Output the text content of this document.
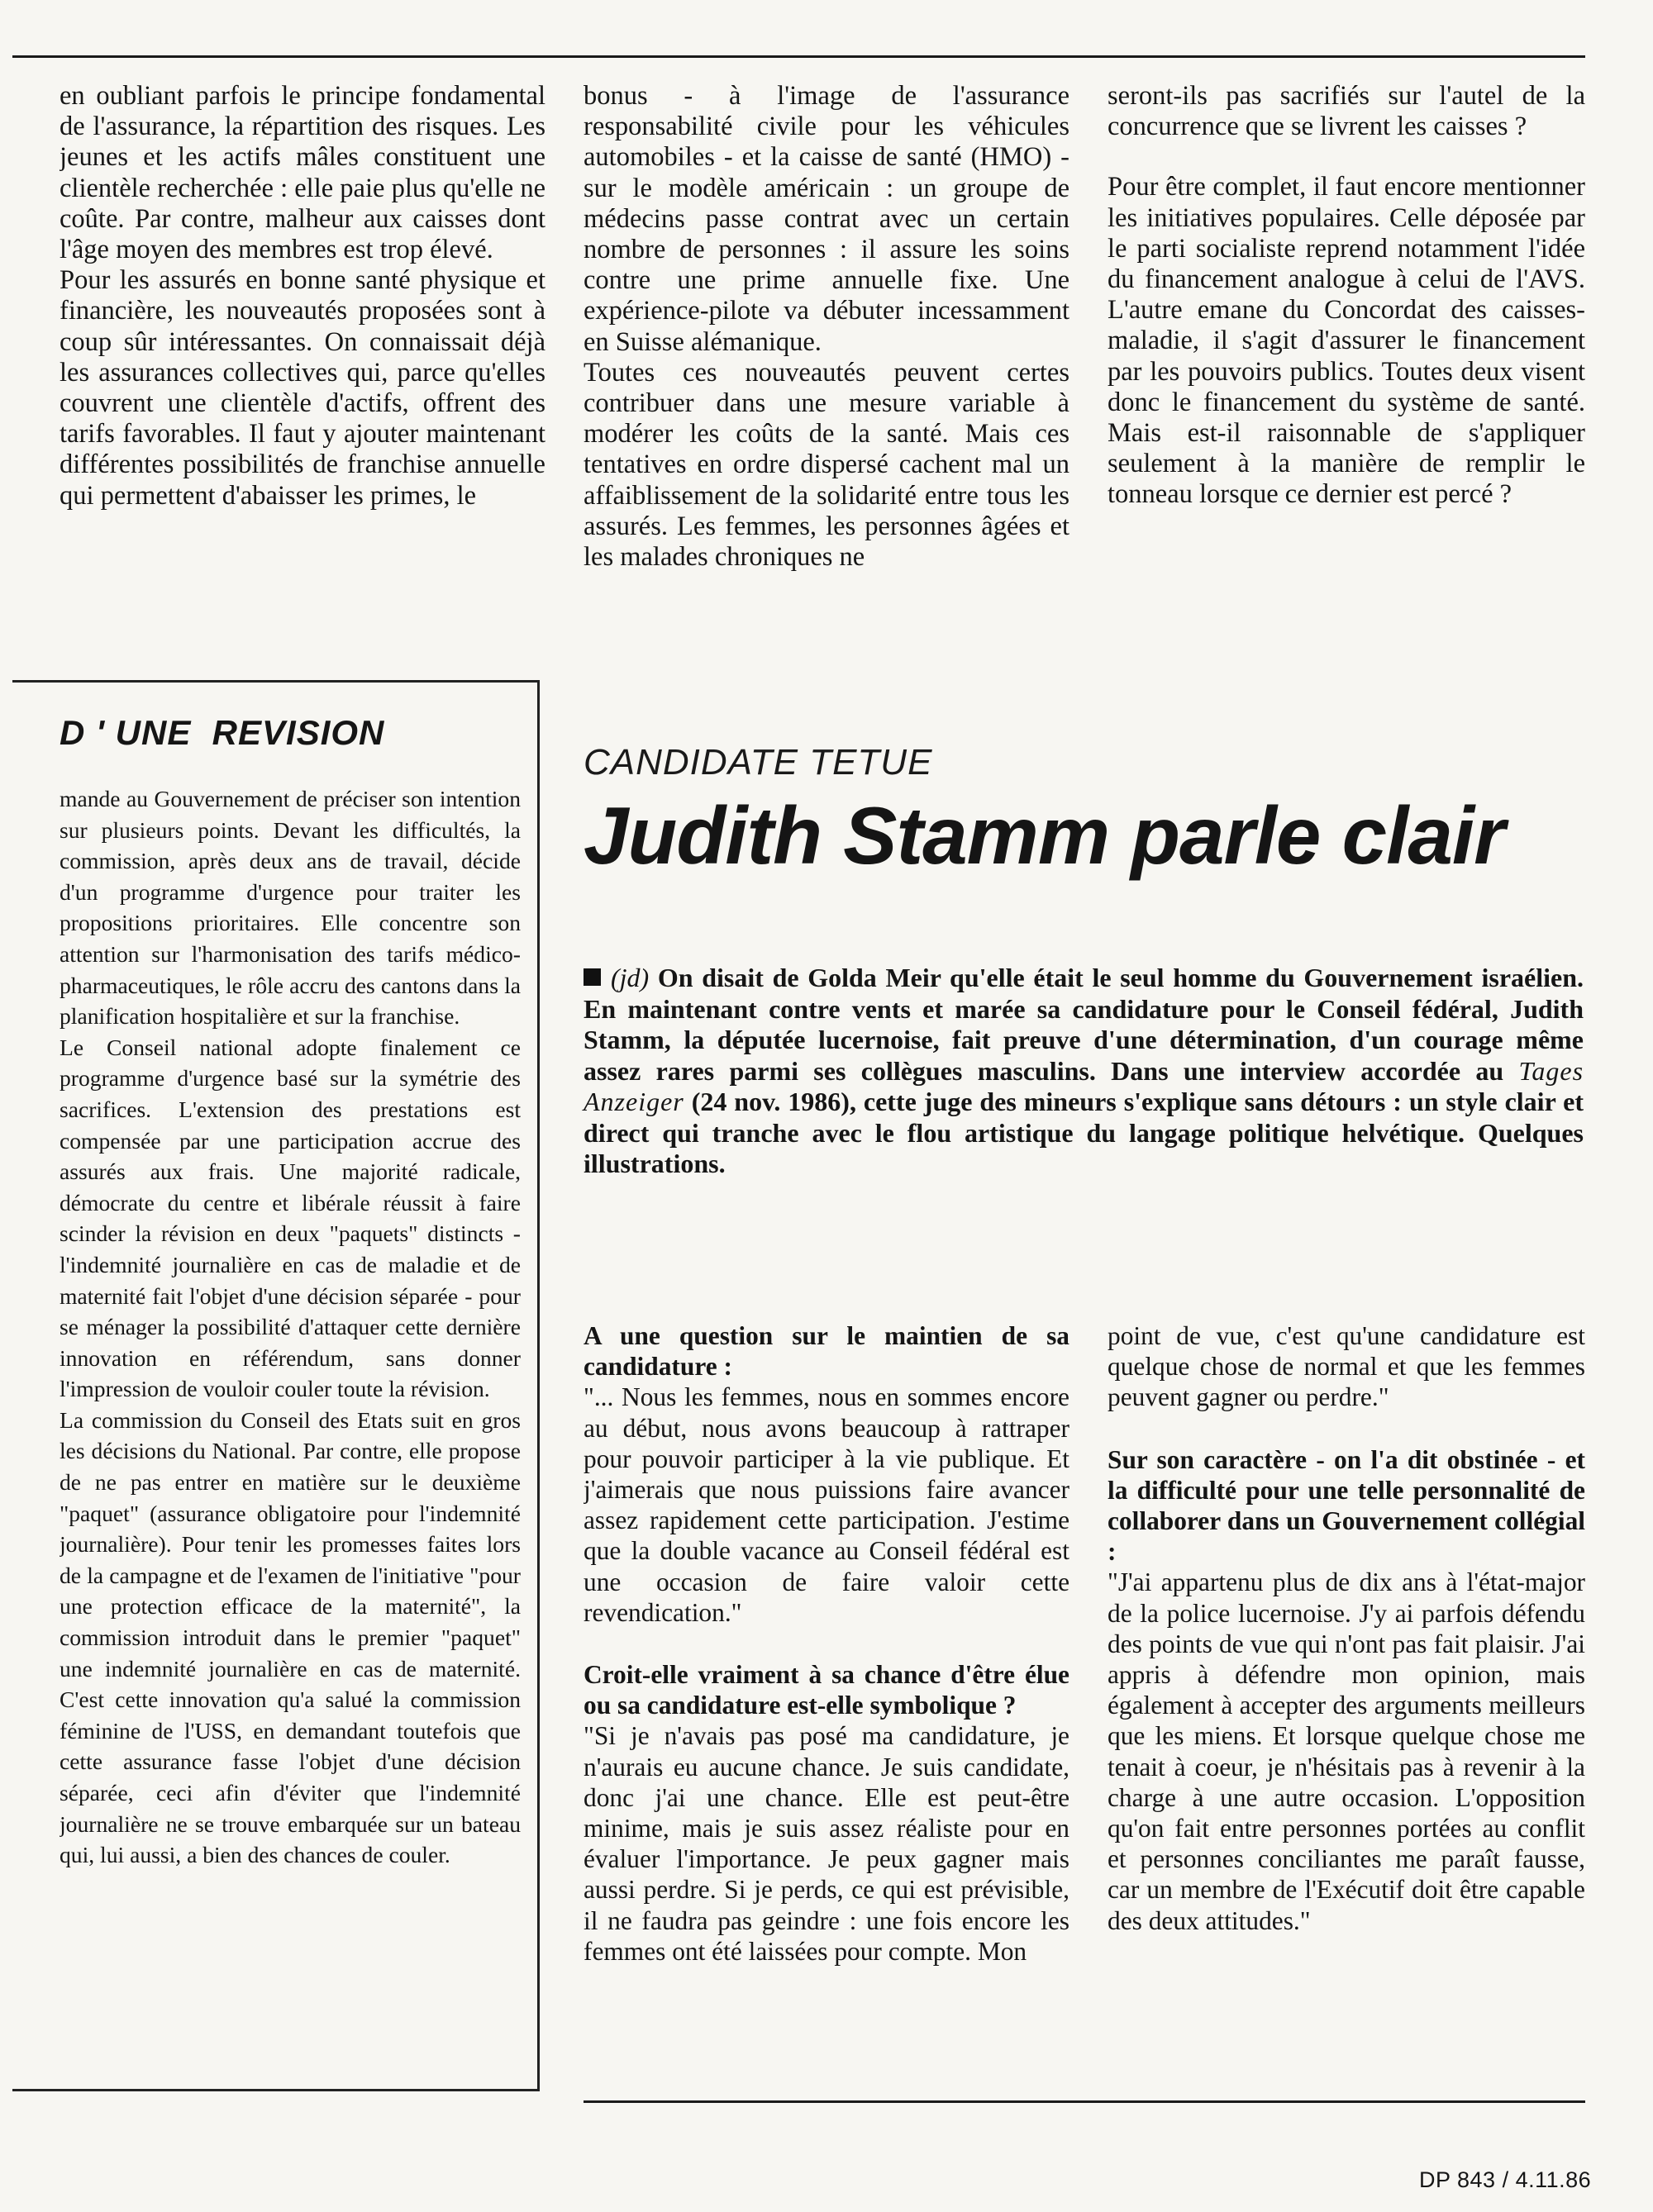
en oubliant parfois le principe fondamental de l'assurance, la répartition des risques. Les jeunes et les actifs mâles constituent une clientèle recherchée : elle paie plus qu'elle ne coûte. Par contre, malheur aux caisses dont l'âge moyen des membres est trop élevé.

Pour les assurés en bonne santé physique et financière, les nouveautés proposées sont à coup sûr intéressantes. On connaissait déjà les assurances collectives qui, parce qu'elles couvrent une clientèle d'actifs, offrent des tarifs favorables. Il faut y ajouter maintenant différentes possibilités de franchise annuelle qui permettent d'abaisser les primes, le

bonus - à l'image de l'assurance responsabilité civile pour les véhicules automobiles - et la caisse de santé (HMO) - sur le modèle américain : un groupe de médecins passe contrat avec un certain nombre de personnes : il assure les soins contre une prime annuelle fixe. Une expérience-pilote va débuter incessamment en Suisse alémanique.

Toutes ces nouveautés peuvent certes contribuer dans une mesure variable à modérer les coûts de la santé. Mais ces tentatives en ordre dispersé cachent mal un affaiblissement de la solidarité entre tous les assurés. Les femmes, les personnes âgées et les malades chroniques ne

seront-ils pas sacrifiés sur l'autel de la concurrence que se livrent les caisses ?

Pour être complet, il faut encore mentionner les initiatives populaires. Celle déposée par le parti socialiste reprend notamment l'idée du financement analogue à celui de l'AVS. L'autre emane du Concordat des caisses-maladie, il s'agit d'assurer le financement par les pouvoirs publics. Toutes deux visent donc le financement du système de santé. Mais est-il raisonnable de s'appliquer seulement à la manière de remplir le tonneau lorsque ce dernier est percé ?

D ' UNE  REVISION

mande au Gouvernement de préciser son intention sur plusieurs points. Devant les difficultés, la commission, après deux ans de travail, décide d'un programme d'urgence pour traiter les propositions prioritaires. Elle concentre son attention sur l'harmonisation des tarifs médico-pharmaceutiques, le rôle accru des cantons dans la planification hospitalière et sur la franchise.

Le Conseil national adopte finalement ce programme d'urgence basé sur la symétrie des sacrifices. L'extension des prestations est compensée par une participation accrue des assurés aux frais. Une majorité radicale, démocrate du centre et libérale réussit à faire scinder la révision en deux "paquets" distincts - l'indemnité journalière en cas de maladie et de maternité fait l'objet d'une décision séparée - pour se ménager la possibilité d'attaquer cette dernière innovation en référendum, sans donner l'impression de vouloir couler toute la révision.

La commission du Conseil des Etats suit en gros les décisions du National. Par contre, elle propose de ne pas entrer en matière sur le deuxième "paquet" (assurance obligatoire pour l'indemnité journalière). Pour tenir les promesses faites lors de la campagne et de l'examen de l'initiative "pour une protection efficace de la maternité", la commission introduit dans le premier "paquet" une indemnité journalière en cas de maternité. C'est cette innovation qu'a salué la commission féminine de l'USS, en demandant toutefois que cette assurance fasse l'objet d'une décision séparée, ceci afin d'éviter que l'indemnité journalière ne se trouve embarquée sur un bateau qui, lui aussi, a bien des chances de couler.

CANDIDATE TETUE
Judith Stamm parle clair
(jd) On disait de Golda Meir qu'elle était le seul homme du Gouvernement israélien. En maintenant contre vents et marée sa candidature pour le Conseil fédéral, Judith Stamm, la députée lucernoise, fait preuve d'une détermination, d'un courage même assez rares parmi ses collègues masculins. Dans une interview accordée au Tages Anzeiger (24 nov. 1986), cette juge des mineurs s'explique sans détours : un style clair et direct qui tranche avec le flou artistique du langage politique helvétique. Quelques illustrations.

A une question sur le maintien de sa candidature :

"... Nous les femmes, nous en sommes encore au début, nous avons beaucoup à rattraper pour pouvoir participer à la vie publique. Et j'aimerais que nous puissions faire avancer assez rapidement cette participation. J'estime que la double vacance au Conseil fédéral est une occasion de faire valoir cette revendication."

Croit-elle vraiment à sa chance d'être élue ou sa candidature est-elle symbolique ?

"Si je n'avais pas posé ma candidature, je n'aurais eu aucune chance. Je suis candidate, donc j'ai une chance. Elle est peut-être minime, mais je suis assez réaliste pour en évaluer l'importance. Je peux gagner mais aussi perdre. Si je perds, ce qui est prévisible, il ne faudra pas geindre : une fois encore les femmes ont été laissées pour compte. Mon

point de vue, c'est qu'une candidature est quelque chose de normal et que les femmes peuvent gagner ou perdre."

Sur son caractère - on l'a dit obstinée - et la difficulté pour une telle personnalité de collaborer dans un Gouvernement collégial :

"J'ai appartenu plus de dix ans à l'état-major de la police lucernoise. J'y ai parfois défendu des points de vue qui n'ont pas fait plaisir. J'ai appris à défendre mon opinion, mais également à accepter des arguments meilleurs que les miens. Et lorsque quelque chose me tenait à coeur, je n'hésitais pas à revenir à la charge à une autre occasion. L'opposition qu'on fait entre personnes portées au conflit et personnes conciliantes me paraît fausse, car un membre de l'Exécutif doit être capable des deux attitudes."

DP 843 / 4.11.86
